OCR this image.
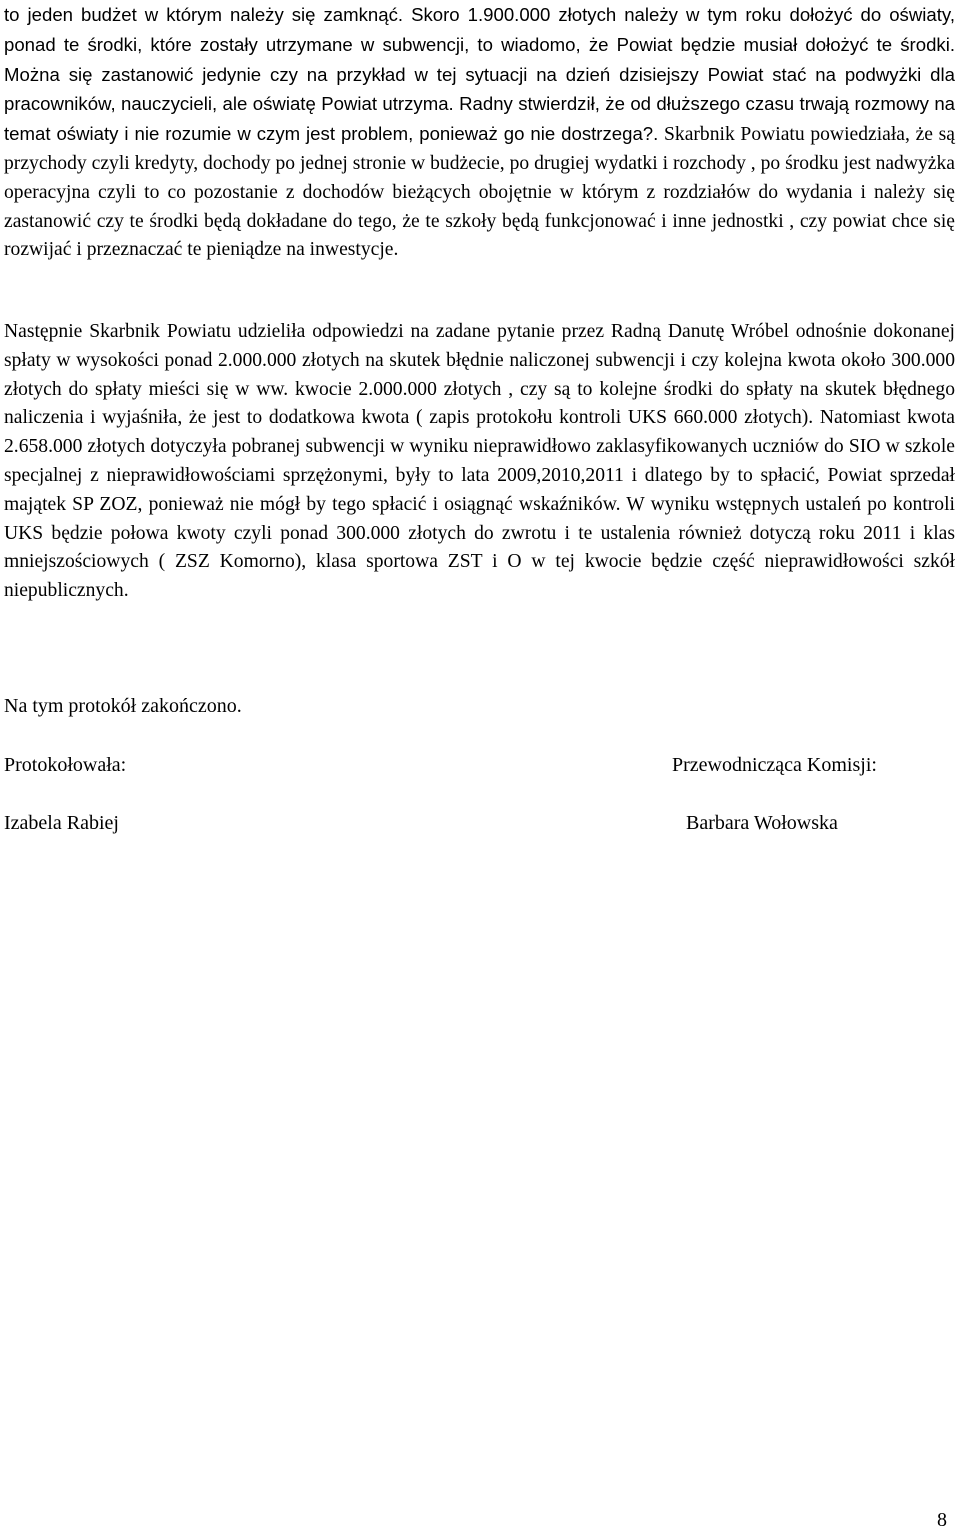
to jeden budżet w którym należy się zamknąć. Skoro 1.900.000 złotych należy w tym roku dołożyć do oświaty, ponad te środki, które zostały utrzymane w subwencji, to wiadomo, że Powiat będzie musiał dołożyć te środki. Można się zastanowić jedynie czy na przykład w tej sytuacji na dzień dzisiejszy Powiat stać na podwyżki dla pracowników, nauczycieli, ale oświatę Powiat utrzyma. Radny stwierdził, że od dłuższego czasu trwają rozmowy na temat oświaty i nie rozumie w czym jest problem, ponieważ go nie dostrzega?. Skarbnik Powiatu powiedziała, że są przychody czyli kredyty, dochody po jednej stronie w budżecie, po drugiej wydatki i rozchody , po środku jest nadwyżka operacyjna czyli to co pozostanie z dochodów bieżących obojętnie w którym z rozdziałów do wydania i należy się zastanowić czy te środki będą dokładane do tego, że te szkoły będą funkcjonować i inne jednostki , czy powiat chce się rozwijać i przeznaczać te pieniądze na inwestycje.

Następnie Skarbnik Powiatu udzieliła odpowiedzi na zadane pytanie przez Radną Danutę Wróbel odnośnie dokonanej spłaty w wysokości ponad 2.000.000 złotych na skutek błędnie naliczonej subwencji i czy kolejna kwota około 300.000 złotych do spłaty mieści się w ww. kwocie 2.000.000 złotych , czy są to kolejne środki do spłaty na skutek błędnego naliczenia i wyjaśniła, że jest to dodatkowa kwota ( zapis protokołu kontroli UKS 660.000 złotych). Natomiast kwota 2.658.000 złotych dotyczyła pobranej subwencji w wyniku nieprawidłowo zaklasyfikowanych uczniów do SIO w szkole specjalnej z nieprawidłowościami sprzężonymi, były to lata 2009,2010,2011 i dlatego by to spłacić, Powiat sprzedał majątek SP ZOZ, ponieważ nie mógł by tego spłacić i osiągnąć wskaźników. W wyniku wstępnych ustaleń po kontroli UKS będzie połowa kwoty czyli ponad 300.000 złotych do zwrotu i te ustalenia również dotyczą roku 2011 i klas mniejszościowych ( ZSZ Komorno), klasa sportowa ZST i O w tej kwocie będzie część nieprawidłowości szkół niepublicznych.

Na tym protokół zakończono.

Protokołowała:	Przewodnicząca Komisji:

Izabela Rabiej	Barbara Wołowska

8
